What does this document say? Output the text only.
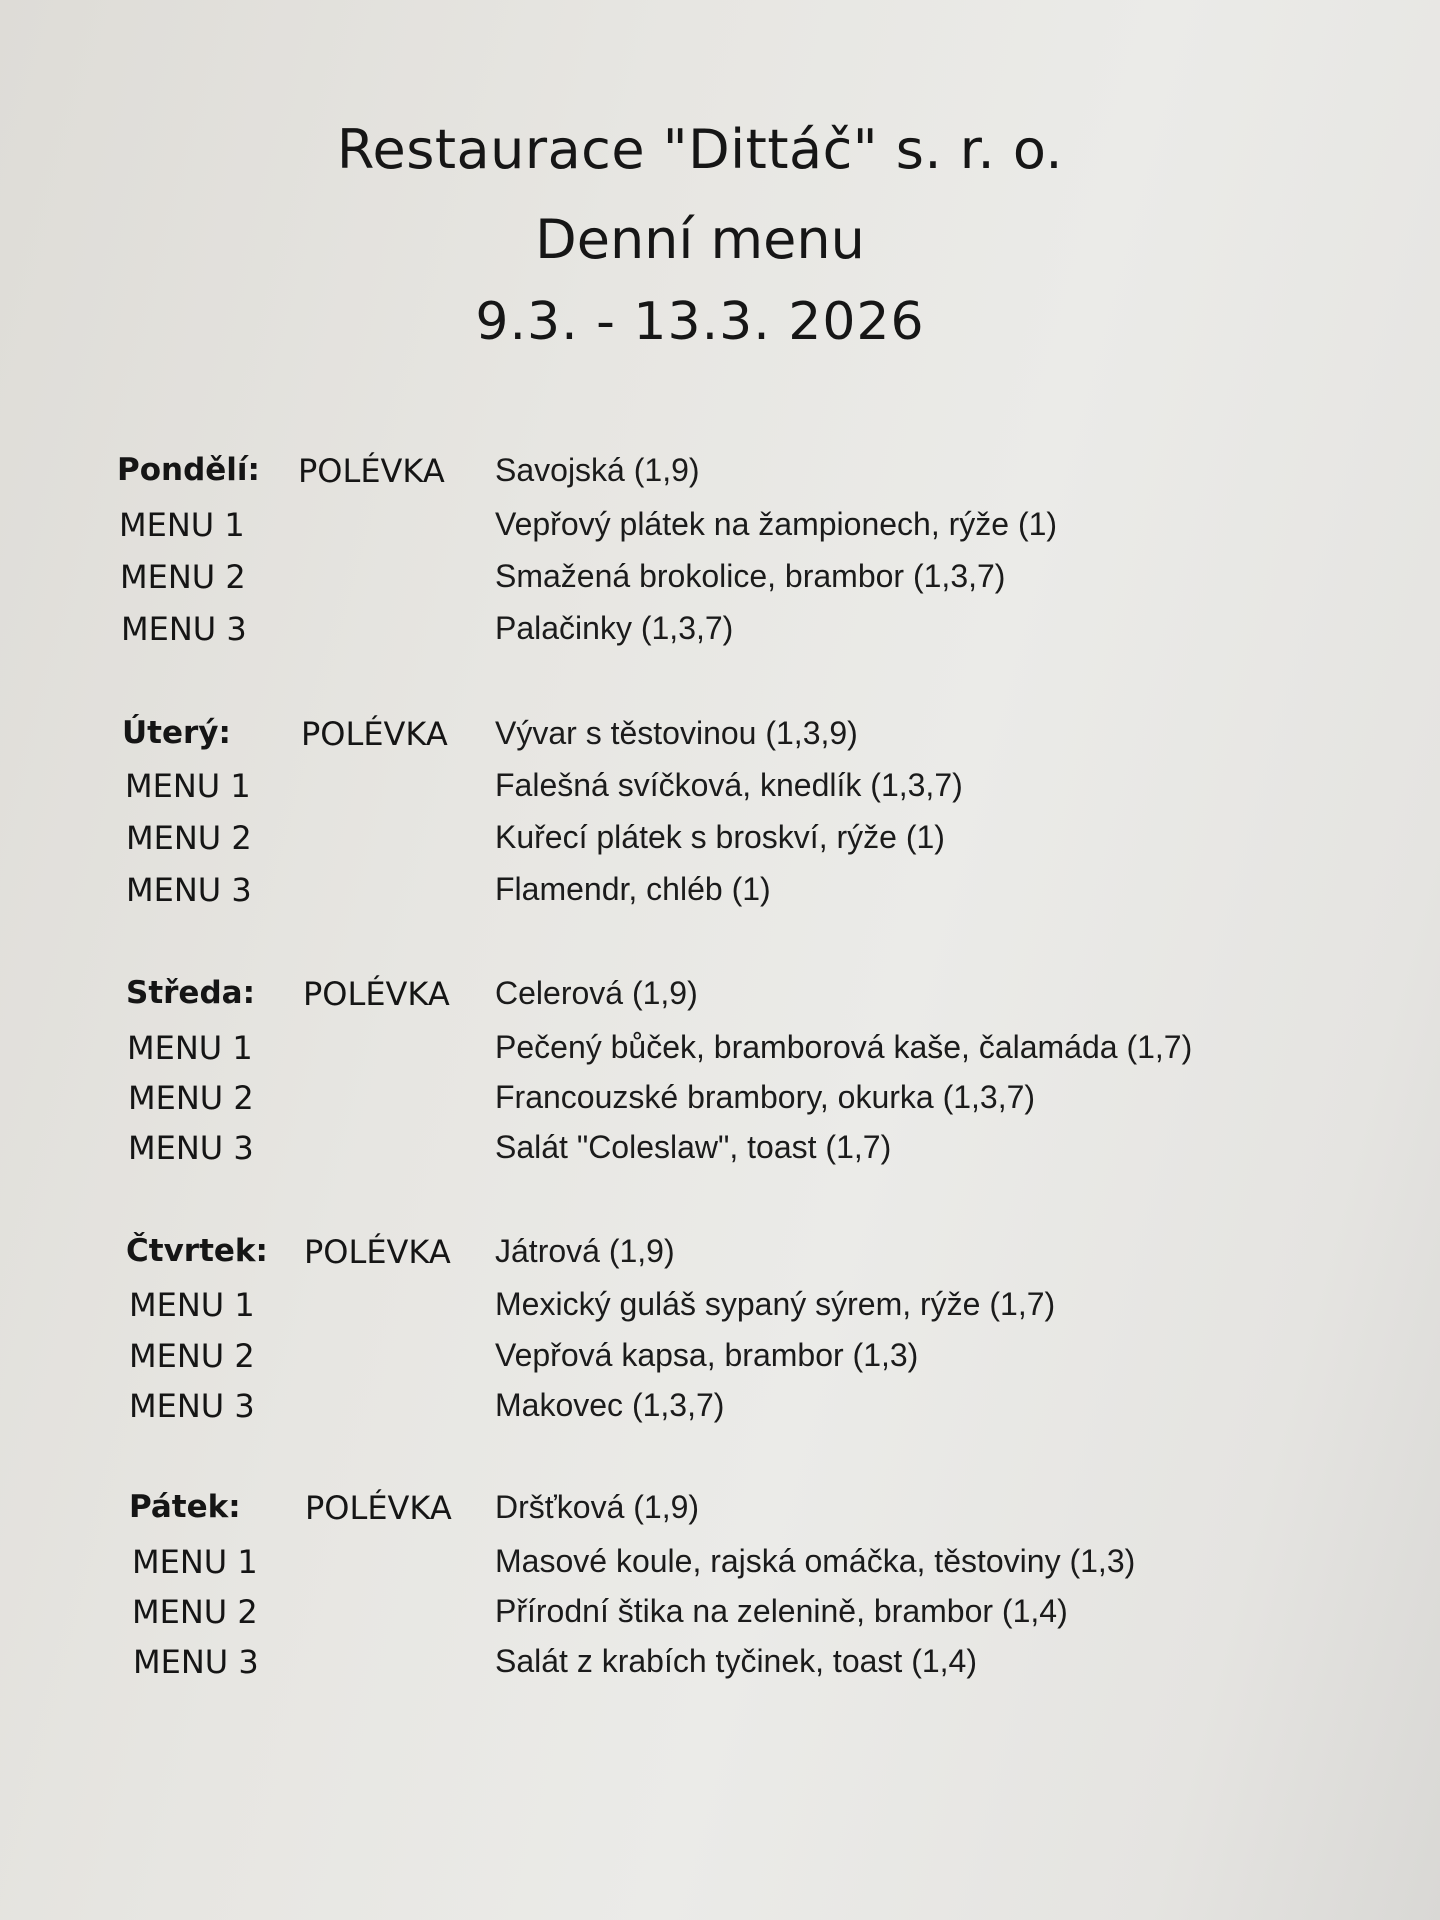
Restaurace "Dittáč" s. r. o.
Denní menu
9.3. - 13.3. 2026
Pondělí: POLÉVKA Savojská (1,9)
MENU 1	Vepřový plátek na žampionech, rýže (1)
MENU 2	Smažená brokolice, brambor (1,3,7)
MENU 3	Palačinky (1,3,7)
Úterý: POLÉVKA Vývar s těstovinou (1,3,9)
MENU 1	Falešná svíčková, knedlík (1,3,7)
MENU 2	Kuřecí plátek s broskví, rýže (1)
MENU 3	Flamendr, chléb (1)
Středa: POLÉVKA Celerová (1,9)
MENU 1	Pečený bůček, bramborová kaše, čalamáda (1,7)
MENU 2	Francouzské brambory, okurka (1,3,7)
MENU 3	Salát "Coleslaw", toast (1,7)
Čtvrtek: POLÉVKA Játrová (1,9)
MENU 1	Mexický guláš sypaný sýrem, rýže (1,7)
MENU 2	Vepřová kapsa, brambor (1,3)
MENU 3	Makovec (1,3,7)
Pátek: POLÉVKA Dršťková (1,9)
MENU 1	Masové koule, rajská omáčka, těstoviny (1,3)
MENU 2	Přírodní štika na zelenině, brambor (1,4)
MENU 3	Salát z krabích tyčinek, toast (1,4)
